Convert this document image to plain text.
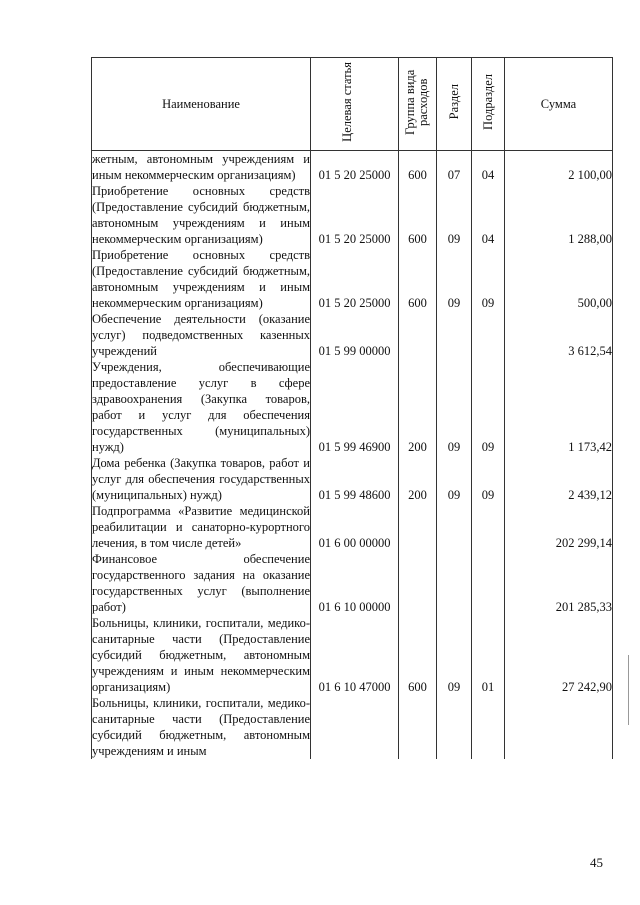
Наименование	Целевая статья	Группа вида расходов	Раздел	Подраздел	Сумма
жетным, автономным учреждениям и иным некоммерческим организациям)	01 5 20 25000	600	07	04	2 100,00
Приобретение основных средств (Предоставление субсидий бюджетным, автономным учреждениям и иным некоммерческим организациям)	01 5 20 25000	600	09	04	1 288,00
Приобретение основных средств (Предоставление субсидий бюджетным, автономным учреждениям и иным некоммерческим организациям)	01 5 20 25000	600	09	09	500,00
Обеспечение деятельности (оказание услуг) подведомственных казенных учреждений	01 5 99 00000				3 612,54
Учреждения, обеспечивающие предоставление услуг в сфере здравоохранения (Закупка товаров, работ и услуг для обеспечения государственных (муниципальных) нужд)	01 5 99 46900	200	09	09	1 173,42
Дома ребенка (Закупка товаров, работ и услуг для обеспечения государственных (муниципальных) нужд)	01 5 99 48600	200	09	09	2 439,12
Подпрограмма «Развитие медицинской реабилитации и санаторно-курортного лечения, в том числе детей»	01 6 00 00000				202 299,14
Финансовое обеспечение государственного задания на оказание государственных услуг (выполнение работ)	01 6 10 00000				201 285,33
Больницы, клиники, госпитали, медико-санитарные части (Предоставление субсидий бюджетным, автономным учреждениям и иным некоммерческим организациям)	01 6 10 47000	600	09	01	27 242,90
Больницы, клиники, госпитали, медико-санитарные части (Предоставление субсидий бюджетным, автономным учреждениям и иным					
45
